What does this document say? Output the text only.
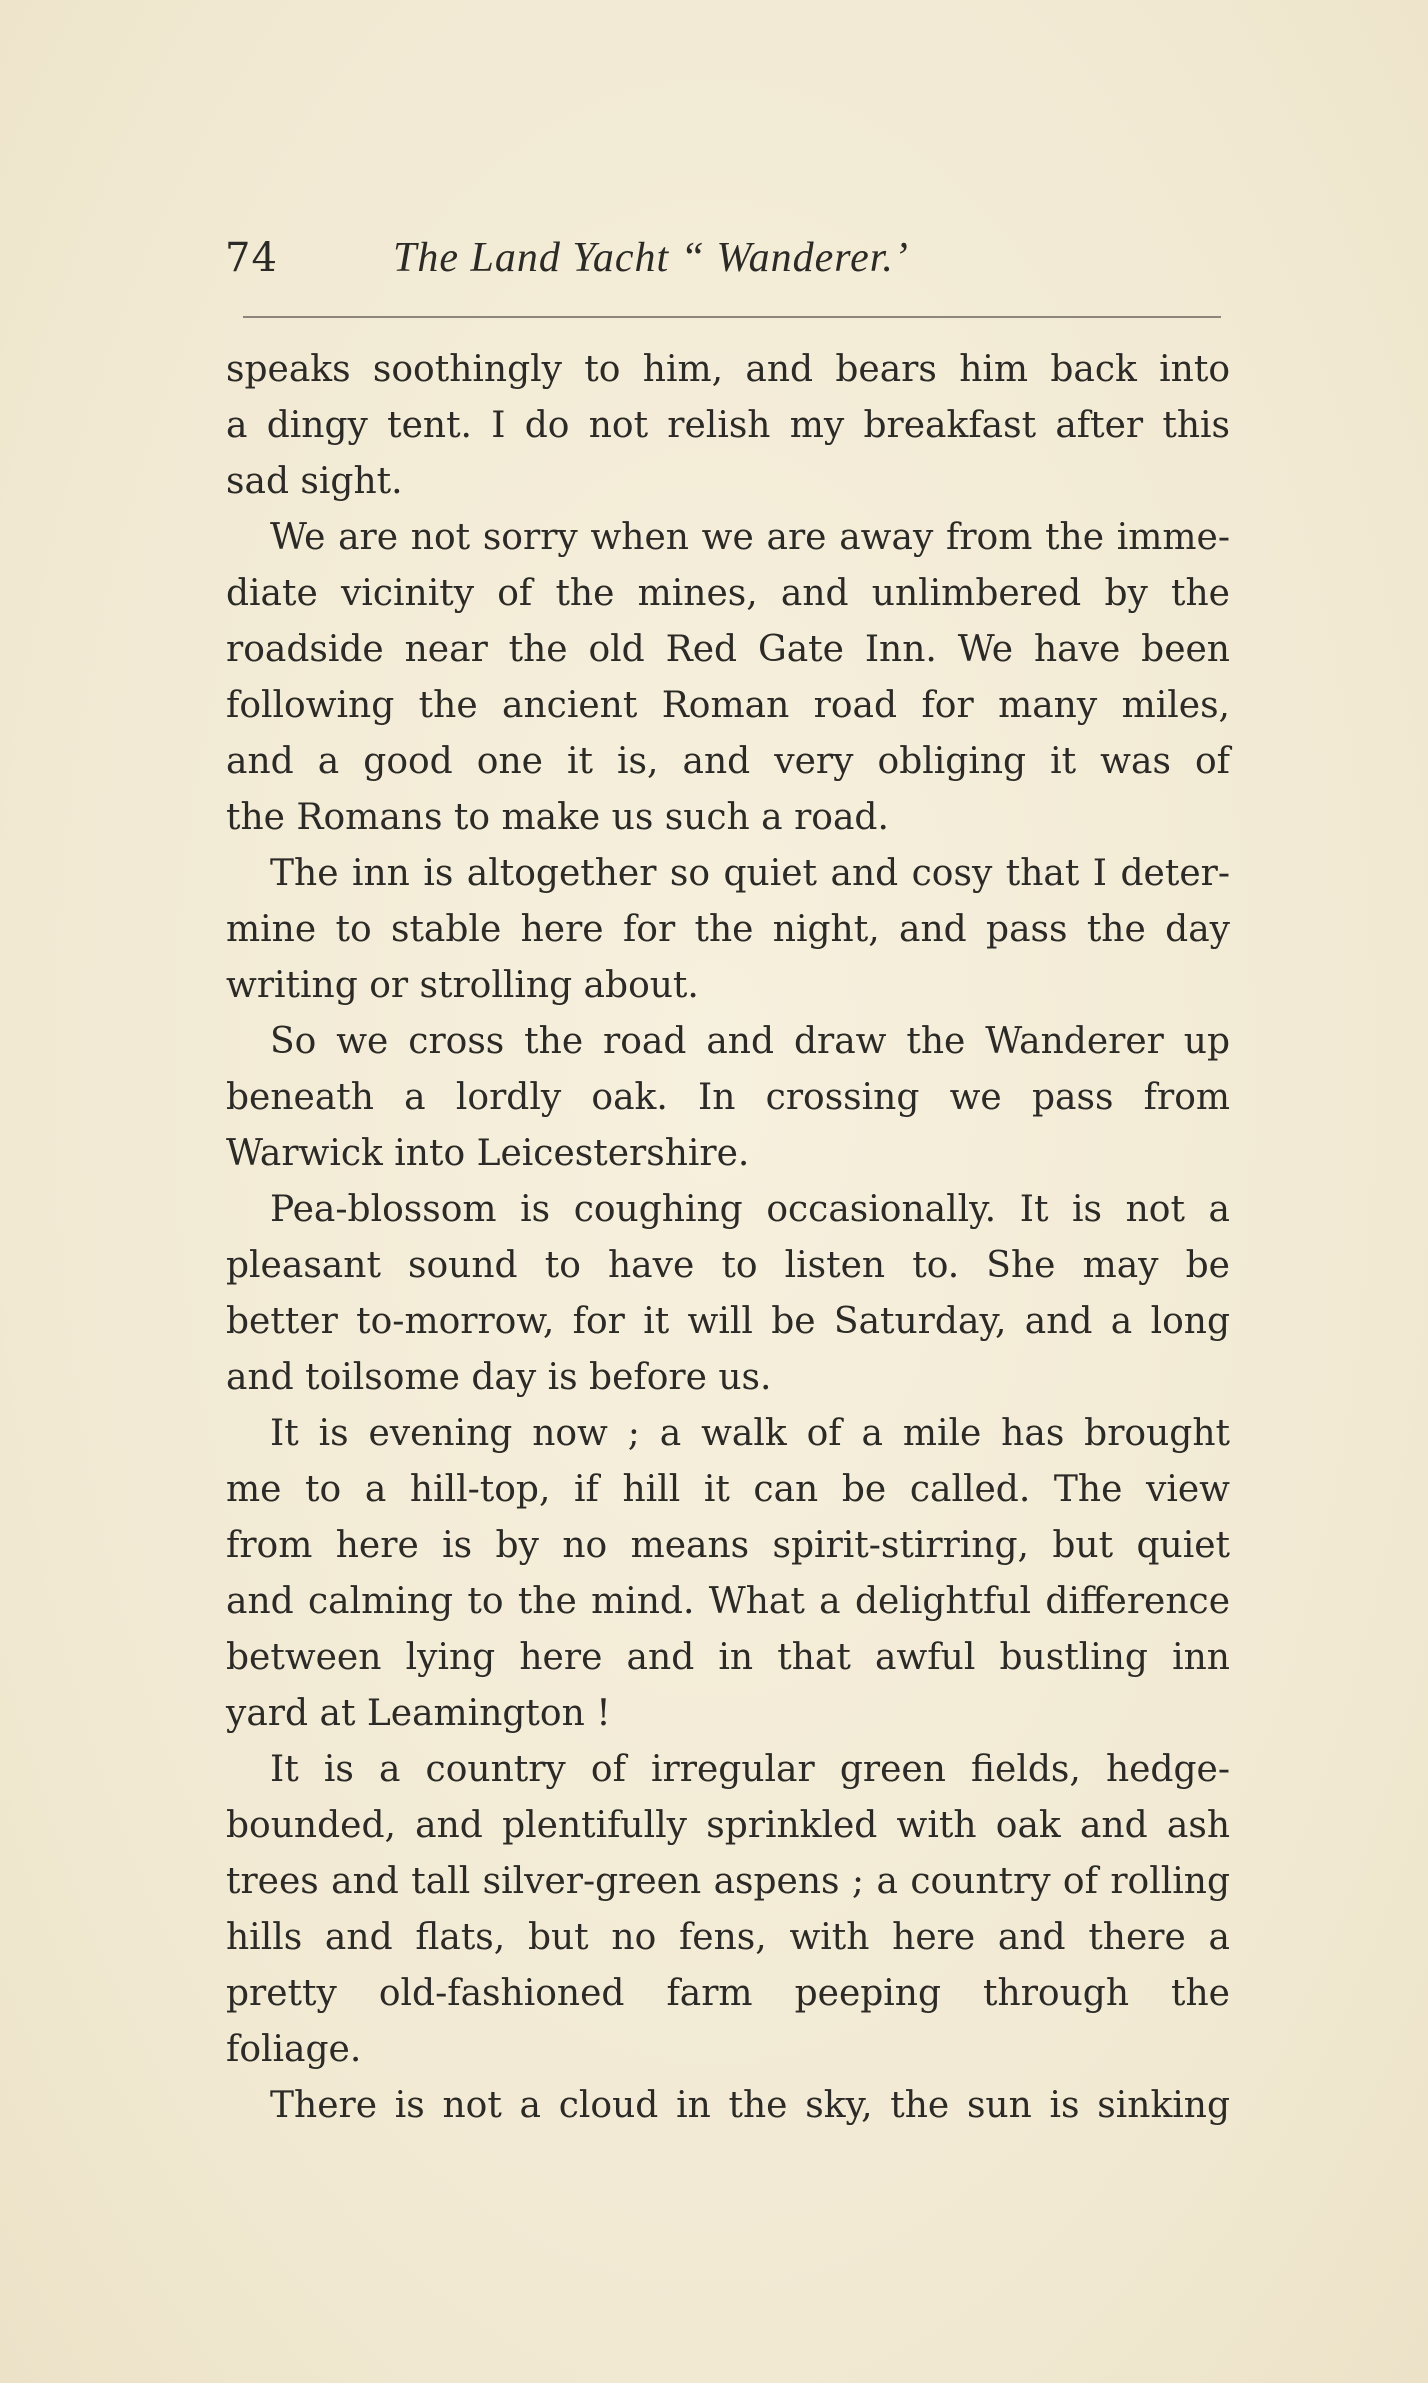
74	The Land Yacht “ Wanderer.’
speaks soothingly to him, and bears him back into
a dingy tent. I do not relish my breakfast after this
sad sight.
We are not sorry when we are away from the imme-
diate vicinity of the mines, and unlimbered by the
roadside near the old Red Gate Inn. We have been
following the ancient Roman road for many miles,
and a good one it is, and very obliging it was of
the Romans to make us such a road.
The inn is altogether so quiet and cosy that I deter-
mine to stable here for the night, and pass the day
writing or strolling about.
So we cross the road and draw the Wanderer up
beneath a lordly oak. In crossing we pass from
Warwick into Leicestershire.
Pea-blossom is coughing occasionally. It is not a
pleasant sound to have to listen to. She may be
better to-morrow, for it will be Saturday, and a long
and toilsome day is before us.
It is evening now ; a walk of a mile has brought
me to a hill-top, if hill it can be called. The view
from here is by no means spirit-stirring, but quiet
and calming to the mind. What a delightful difference
between lying here and in that awful bustling inn
yard at Leamington !
It is a country of irregular green fields, hedge-
bounded, and plentifully sprinkled with oak and ash
trees and tall silver-green aspens ; a country of rolling
hills and flats, but no fens, with here and there a
pretty old-fashioned farm peeping through the
foliage.
There is not a cloud in the sky, the sun is sinking
